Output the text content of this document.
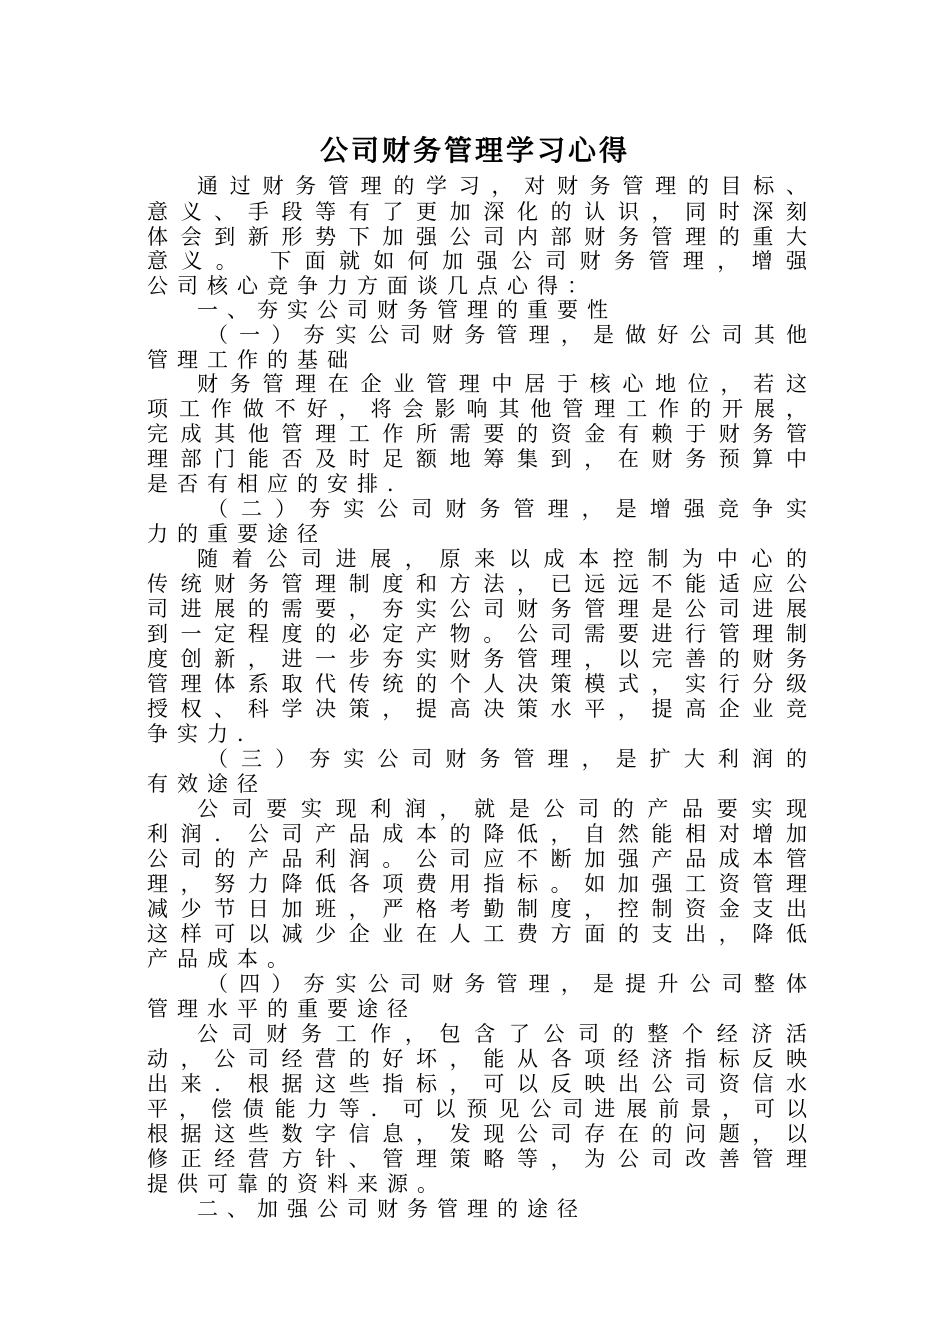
公司财务管理学习心得
通过财务管理的学习，对财务管理的目标、
意义、手段等有了更加深化的认识，同时深刻
体会到新形势下加强公司内部财务管理的重大
意义。 下面就如何加强公司财务管理，增强
公司核心竞争力方面谈几点心得：
一、夯实公司财务管理的重要性
（一）夯实公司财务管理，是做好公司其他
管理工作的基础
财务管理在企业管理中居于核心地位，若这
项工作做不好，将会影响其他管理工作的开展，
完成其他管理工作所需要的资金有赖于财务管
理部门能否及时足额地筹集到，在财务预算中
是否有相应的安排．
（二）夯实公司财务管理，是增强竞争实
力的重要途径
随着公司进展，原来以成本控制为中心的
传统财务管理制度和方法，已远远不能适应公
司进展的需要，夯实公司财务管理是公司进展
到一定程度的必定产物。公司需要进行管理制
度创新，进一步夯实财务管理，以完善的财务
管理体系取代传统的个人决策模式，实行分级
授权、科学决策，提高决策水平，提高企业竞
争实力．
（三）夯实公司财务管理，是扩大利润的
有效途径
公司要实现利润，就是公司的产品要实现
利润．公司产品成本的降低，自然能相对增加
公司的产品利润。公司应不断加强产品成本管
理，努力降低各项费用指标。如加强工资管理
减少节日加班，严格考勤制度，控制资金支出
这样可以减少企业在人工费方面的支出，降低
产品成本。
（四）夯实公司财务管理，是提升公司整体
管理水平的重要途径
公司财务工作，包含了公司的整个经济活
动，公司经营的好坏，能从各项经济指标反映
出来．根据这些指标，可以反映出公司资信水
平，偿债能力等．可以预见公司进展前景，可以
根据这些数字信息，发现公司存在的问题，以
修正经营方针、管理策略等，为公司改善管理
提供可靠的资料来源。
二、加强公司财务管理的途径
